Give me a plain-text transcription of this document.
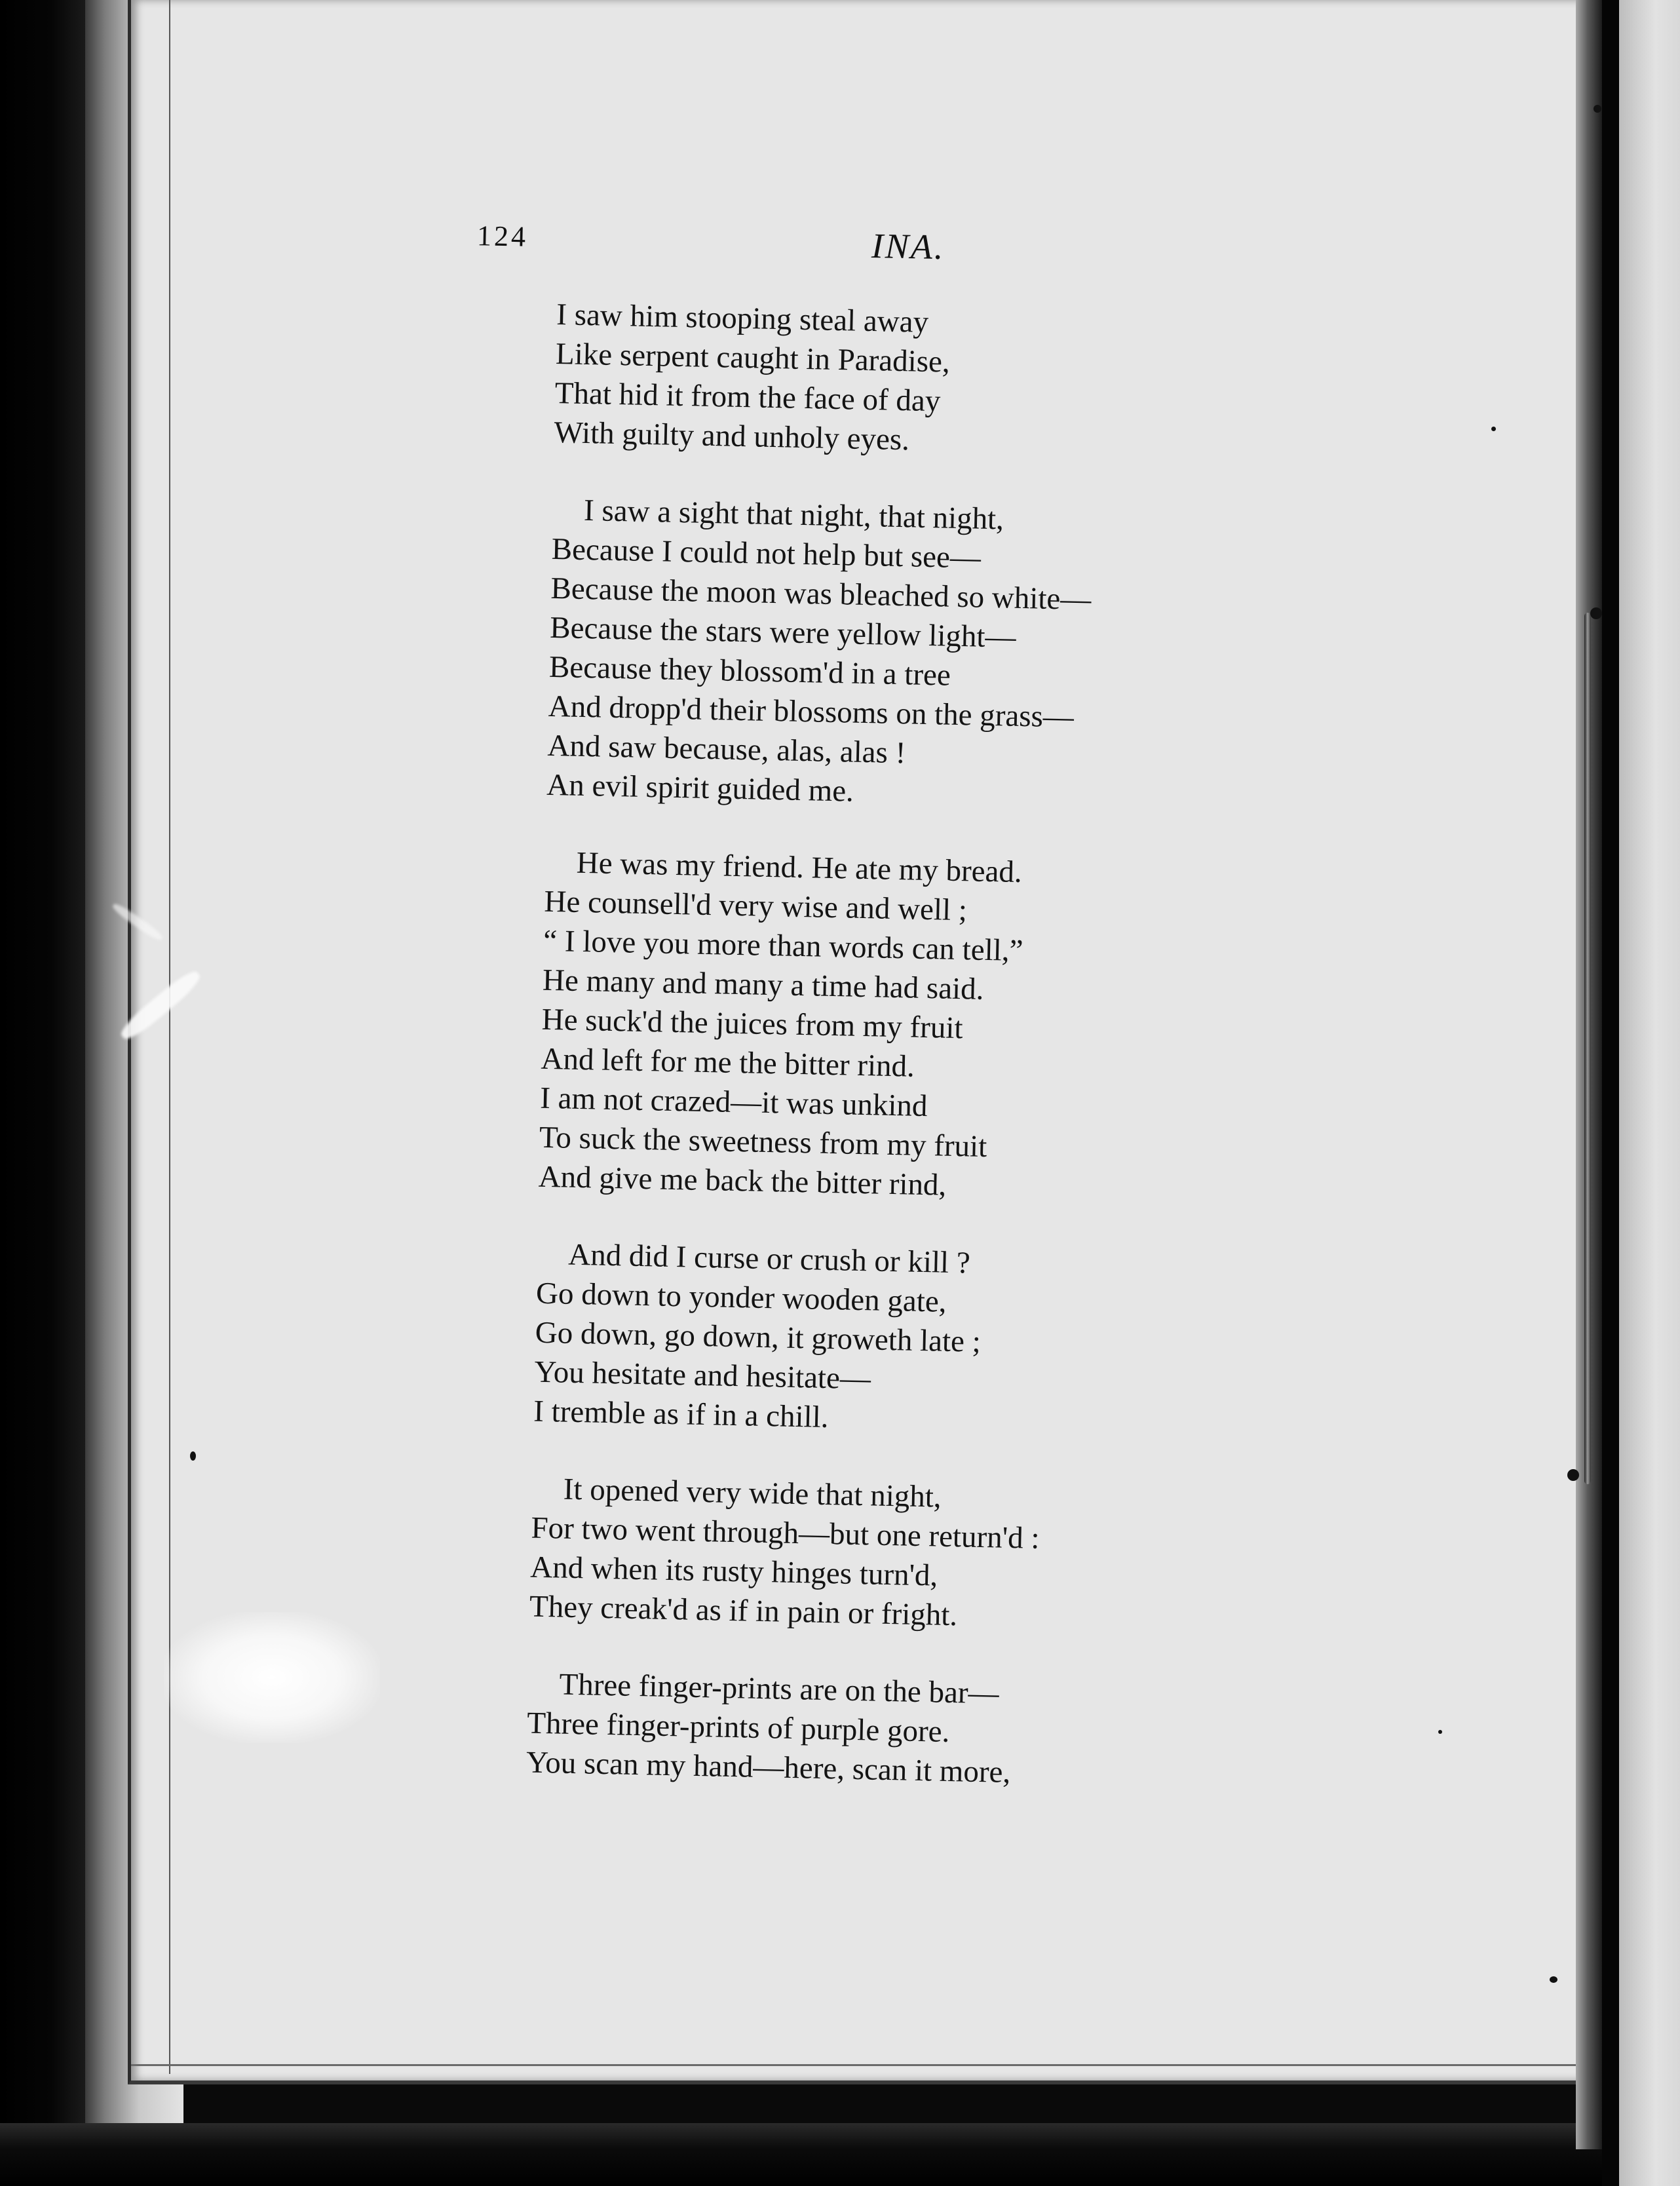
124	INA.
I saw him stooping steal away
Like serpent caught in Paradise,
That hid it from the face of day
With guilty and unholy eyes.
I saw a sight that night, that night,
Because I could not help but see—
Because the moon was bleached so white—
Because the stars were yellow light—
Because they blossom'd in a tree
And dropp'd their blossoms on the grass—
And saw because, alas, alas !
An evil spirit guided me.
He was my friend. He ate my bread.
He counsell'd very wise and well ;
“ I love you more than words can tell,”
He many and many a time had said.
He suck'd the juices from my fruit
And left for me the bitter rind.
I am not crazed—it was unkind
To suck the sweetness from my fruit
And give me back the bitter rind,
And did I curse or crush or kill ?
Go down to yonder wooden gate,
Go down, go down, it groweth late ;
You hesitate and hesitate—
I tremble as if in a chill.
It opened very wide that night,
For two went through—but one return'd :
And when its rusty hinges turn'd,
They creak'd as if in pain or fright.
Three finger-prints are on the bar—
Three finger-prints of purple gore.
You scan my hand—here, scan it more,
